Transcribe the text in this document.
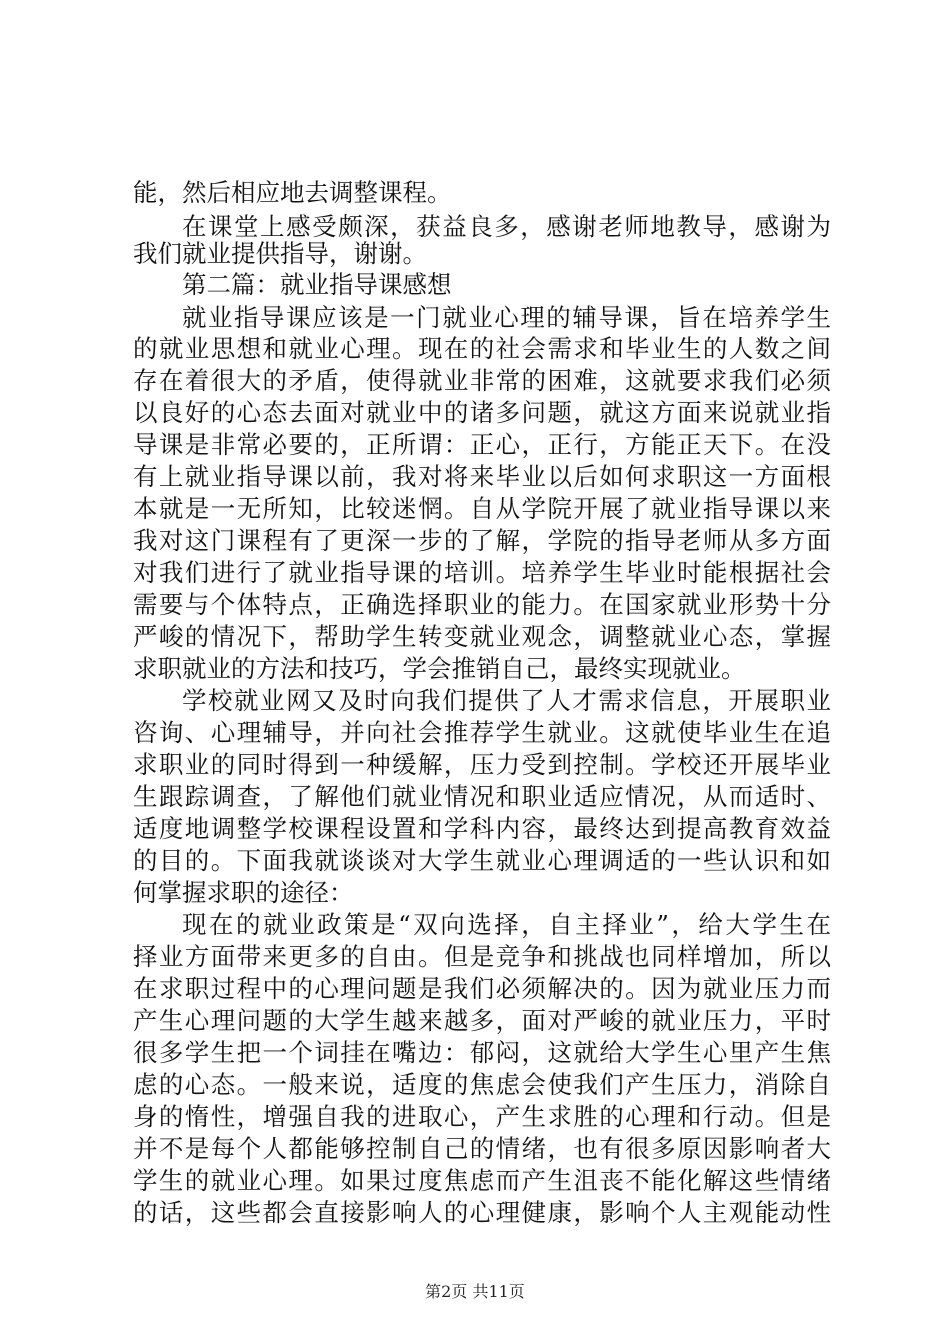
能，然后相应地去调整课程。
在课堂上感受颇深，获益良多，感谢老师地教导，感谢为
我们就业提供指导，谢谢。
第二篇：就业指导课感想
就业指导课应该是一门就业心理的辅导课，旨在培养学生
的就业思想和就业心理。现在的社会需求和毕业生的人数之间
存在着很大的矛盾，使得就业非常的困难，这就要求我们必须
以良好的心态去面对就业中的诸多问题，就这方面来说就业指
导课是非常必要的，正所谓：正心，正行，方能正天下。在没
有上就业指导课以前，我对将来毕业以后如何求职这一方面根
本就是一无所知，比较迷惘。自从学院开展了就业指导课以来
我对这门课程有了更深一步的了解，学院的指导老师从多方面
对我们进行了就业指导课的培训。培养学生毕业时能根据社会
需要与个体特点，正确选择职业的能力。在国家就业形势十分
严峻的情况下，帮助学生转变就业观念，调整就业心态，掌握
求职就业的方法和技巧，学会推销自己，最终实现就业。
学校就业网又及时向我们提供了人才需求信息，开展职业
咨询、心理辅导，并向社会推荐学生就业。这就使毕业生在追
求职业的同时得到一种缓解，压力受到控制。学校还开展毕业
生跟踪调查，了解他们就业情况和职业适应情况，从而适时、
适度地调整学校课程设置和学科内容，最终达到提高教育效益
的目的。下面我就谈谈对大学生就业心理调适的一些认识和如
何掌握求职的途径：
现在的就业政策是“双向选择，自主择业”，给大学生在
择业方面带来更多的自由。但是竞争和挑战也同样增加，所以
在求职过程中的心理问题是我们必须解决的。因为就业压力而
产生心理问题的大学生越来越多，面对严峻的就业压力，平时
很多学生把一个词挂在嘴边：郁闷，这就给大学生心里产生焦
虑的心态。一般来说，适度的焦虑会使我们产生压力，消除自
身的惰性，增强自我的进取心，产生求胜的心理和行动。但是
并不是每个人都能够控制自己的情绪，也有很多原因影响者大
学生的就业心理。如果过度焦虑而产生沮丧不能化解这些情绪
的话，这些都会直接影响人的心理健康，影响个人主观能动性
第2页 共11页
